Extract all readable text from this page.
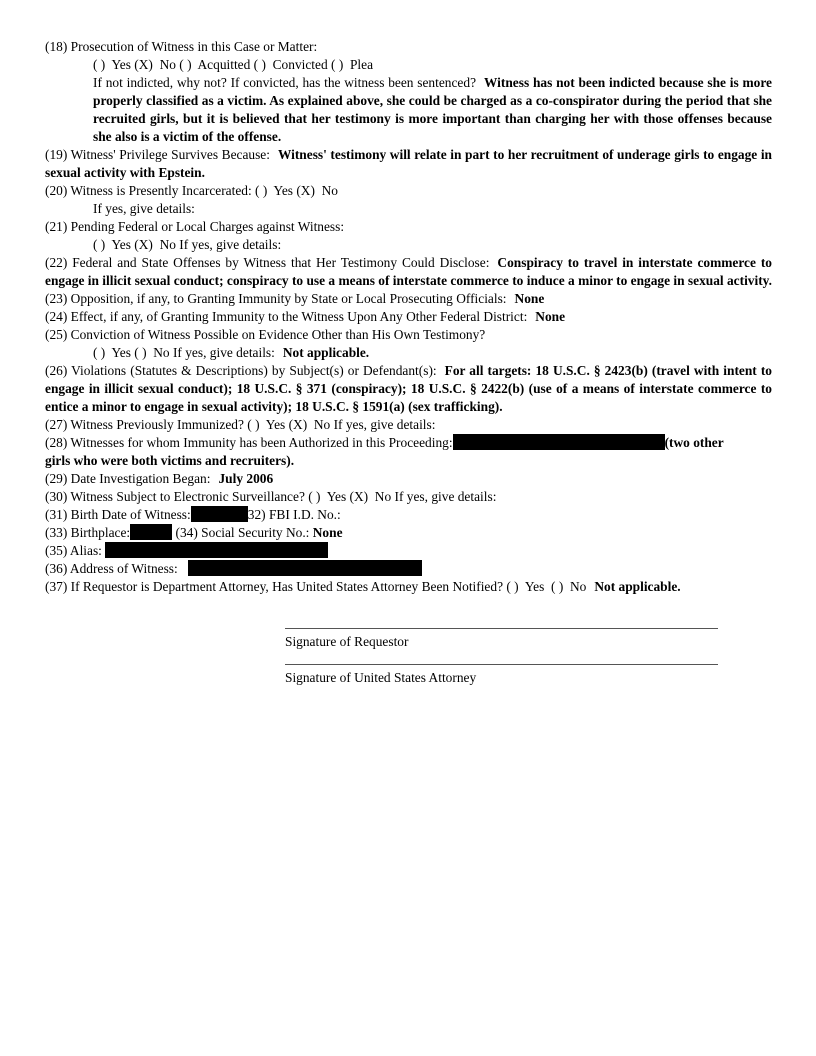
(18) Prosecution of Witness in this Case or Matter:

( )  Yes (X)  No ( )  Acquitted ( )  Convicted ( )  Plea

If not indicted, why not? If convicted, has the witness been sentenced? Witness has not been indicted because she is more properly classified as a victim. As explained above, she could be charged as a co-conspirator during the period that she recruited girls, but it is believed that her testimony is more important than charging her with those offenses because she also is a victim of the offense.

(19) Witness' Privilege Survives Because: Witness' testimony will relate in part to her recruitment of underage girls to engage in sexual activity with Epstein.

(20) Witness is Presently Incarcerated: ( )  Yes (X)  No

If yes, give details:

(21) Pending Federal or Local Charges against Witness:

( )  Yes (X)  No If yes, give details:

(22) Federal and State Offenses by Witness that Her Testimony Could Disclose: Conspiracy to travel in interstate commerce to engage in illicit sexual conduct; conspiracy to use a means of interstate commerce to induce a minor to engage in sexual activity.

(23) Opposition, if any, to Granting Immunity by State or Local Prosecuting Officials: None

(24) Effect, if any, of Granting Immunity to the Witness Upon Any Other Federal District: None

(25) Conviction of Witness Possible on Evidence Other than His Own Testimony?

( )  Yes ( )  No If yes, give details: Not applicable.

(26) Violations (Statutes & Descriptions) by Subject(s) or Defendant(s): For all targets: 18 U.S.C. § 2423(b) (travel with intent to engage in illicit sexual conduct); 18 U.S.C. § 371 (conspiracy); 18 U.S.C. § 2422(b) (use of a means of interstate commerce to entice a minor to engage in sexual activity); 18 U.S.C. § 1591(a) (sex trafficking).

(27) Witness Previously Immunized? ( )  Yes (X)  No If yes, give details:

(28) Witnesses for whom Immunity has been Authorized in this Proceeding:	(two other

girls who were both victims and recruiters).

(29) Date Investigation Began: July 2006

(30) Witness Subject to Electronic Surveillance? ( )  Yes (X)  No If yes, give details:

(31) Birth Date of Witness:	32) FBI I.D. No.:

(33) Birthplace:	(34) Social Security No.: None

(35) Alias:

(36) Address of Witness:

(37) If Requestor is Department Attorney, Has United States Attorney Been Notified? ( )  Yes  ( )  No Not applicable.

Signature of Requestor
Signature of United States Attorney
